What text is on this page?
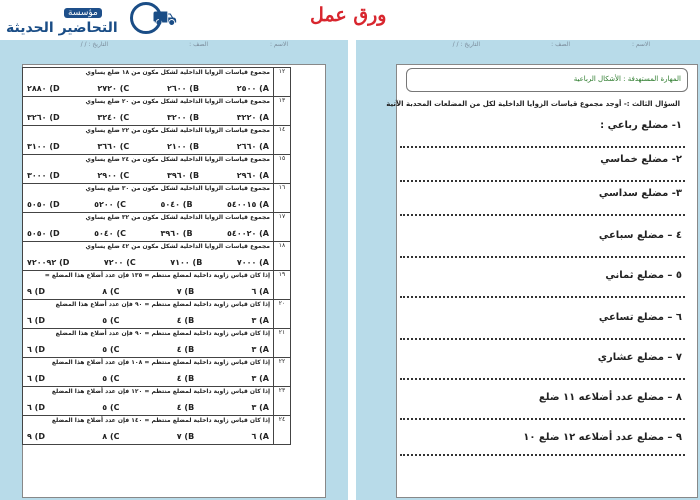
⛟
مؤسسة
التحاضير الحديثة
ورق عمل
الاسم :
الصف :
التاريخ : / /
١٢	مجموع قياسات الزوايا الداخلية لشكل مكون من ١٨ ضلع يساوي
٢٨٨٠ (D ٢٧٢٠ (C ٢٦٠٠ (B ٢٥٠٠ (A

١٣	مجموع قياسات الزوايا الداخلية لشكل مكون من ٢٠ ضلع يساوي
٣٢٦٠ (D ٣٢٤٠ (C ٣٢٠٠ (B ٣٢٢٠ (A

١٤	مجموع قياسات الزوايا الداخلية لشكل مكون من ٢٢ ضلع يساوي
٣١٠٠ (D ٣٦٦٠ (C ٢١٠٠ (B ٢٦٦٠ (A

١٥	مجموع قياسات الزوايا الداخلية لشكل مكون من ٢٤ ضلع يساوي
٣٠٠٠ (D ٢٩٠٠ (C ٣٩٦٠ (B ٢٩٦٠ (A

١٦	مجموع قياسات الزوايا الداخلية لشكل مكون من ٣٠ ضلع يساوي
٥٠٥٠ (D ٥٢٠٠ (C ٥٠٤٠ (B ٥٤٠٠١٥ (A

١٧	مجموع قياسات الزوايا الداخلية لشكل مكون من ٣٢ ضلع يساوي
٥٠٥٠ (D ٥٠٤٠ (C ٣٩٦٠ (B ٥٤٠٠٢٠ (A

١٨	مجموع قياسات الزوايا الداخلية لشكل مكون من ٤٢ ضلع يساوي
٧٢٠٠٩٢ (D ٧٢٠٠ (C ٧١٠٠ (B ٧٠٠٠ (A

١٩	إذا كان قياس زاوية داخلية لمضلع منتظم = ١٣٥ فإن عدد أضلاع هذا المضلع =
٩ (D ٨ (C ٧ (B ٦ (A

٢٠	إذا كان قياس زاوية داخلية لمضلع منتظم = ٩٠ فإن عدد أضلاع هذا المضلع
٦ (D ٥ (C ٤ (B ٣ (A

٢١	إذا كان قياس زاوية داخلية لمضلع منتظم = ٩٠ فإن عدد أضلاع هذا المضلع
٦ (D ٥ (C ٤ (B ٣ (A

٢٢	إذا كان قياس زاوية داخلية لمضلع منتظم = ١٠٨ فإن عدد أضلاع هذا المضلع
٦ (D ٥ (C ٤ (B ٣ (A

٢٣	إذا كان قياس زاوية داخلية لمضلع منتظم = ١٢٠ فإن عدد أضلاع هذا المضلع
٦ (D ٥ (C ٤ (B ٣ (A

٢٤	إذا كان قياس زاوية داخلية لمضلع منتظم = ١٤٠ فإن عدد أضلاع هذا المضلع
٩ (D ٨ (C ٧ (B ٦ (A
الاسم :
الصف :
التاريخ : / /
المهارة المستهدفة : الأشكال الرباعية
السؤال الثالث :- أوجد مجموع قياسات الزوايا الداخلية لكل من المضلعات المحدبة الآتية
١- مضلع رباعي :
٢- مضلع خماسي
٣- مضلع سداسي
٤ – مضلع سباعي
٥ – مضلع ثماني
٦ – مضلع تساعي
٧ – مضلع عشاري
٨ – مضلع عدد أضلاعه ١١ ضلع
٩ – مضلع عدد أضلاعه ١٢ ضلع ١٠
